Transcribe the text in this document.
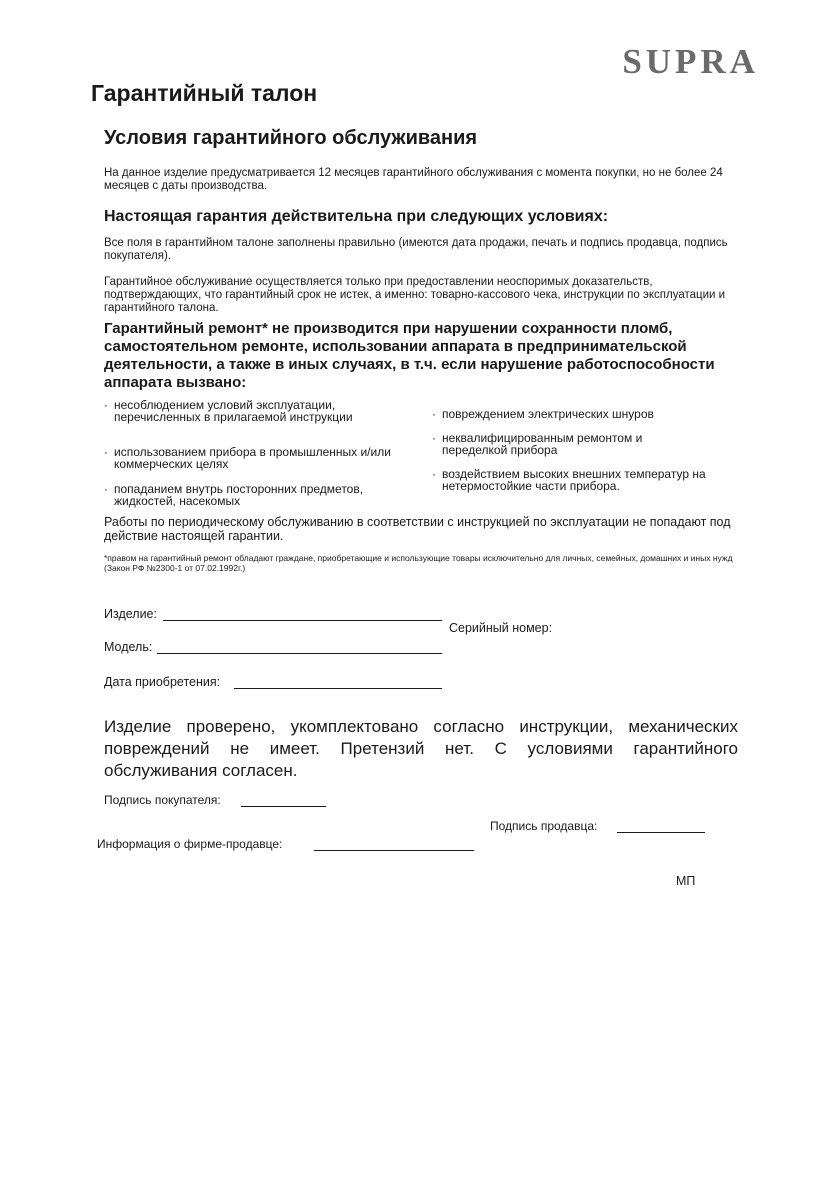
SUPRA
Гарантийный талон
Условия гарантийного обслуживания
На данное изделие предусматривается 12 месяцев гарантийного обслуживания с момента покупки, но не более 24 месяцев с даты производства.
Настоящая гарантия действительна при следующих условиях:
Все поля в гарантийном талоне заполнены правильно (имеются дата продажи, печать и подпись продавца, подпись покупателя).
Гарантийное обслуживание осуществляется только при предоставлении неоспоримых доказательств, подтверждающих, что гарантийный срок не истек, а именно: товарно-кассового чека, инструкции по эксплуатации и гарантийного талона.
Гарантийный ремонт* не производится при нарушении сохранности пломб, самостоятельном ремонте, использовании аппарата в предпринимательской деятельности, а также в иных случаях, в т.ч. если нарушение работоспособности аппарата вызвано:
· несоблюдением условий эксплуатации, перечисленных в прилагаемой инструкции
· использованием прибора в промышленных и/или коммерческих целях
· попаданием внутрь посторонних предметов, жидкостей, насекомых
· повреждением электрических шнуров
· неквалифицированным ремонтом и переделкой прибора
· воздействием высоких внешних температур на нетермостойкие части прибора.
Работы по периодическому обслуживанию в соответствии с инструкцией по эксплуатации не попадают под действие настоящей гарантии.
*правом на гарантийный ремонт обладают граждане, приобретающие и использующие товары исключительно для личных, семейных, домашних и иных нужд (Закон РФ №2300-1 от 07.02.1992г.)
Изделие:
Серийный номер:
Модель:
Дата приобретения:
Изделие проверено, укомплектовано согласно инструкции, механических повреждений не имеет. Претензий нет. С условиями гарантийного обслуживания согласен.
Подпись покупателя:
Подпись продавца:
Информация о фирме-продавце:
МП
